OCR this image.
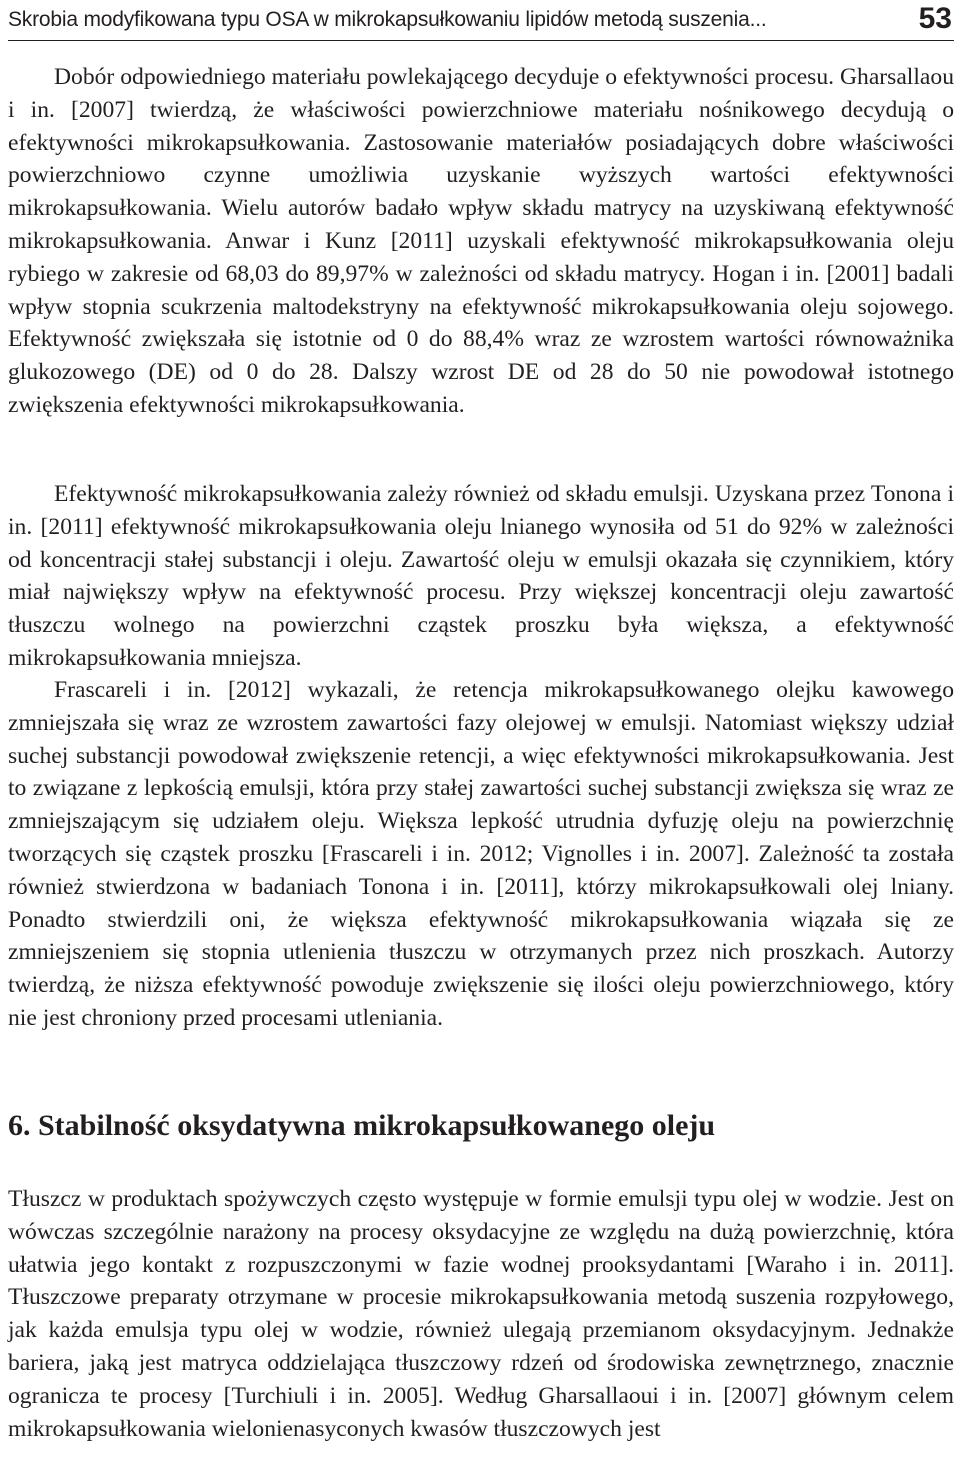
Skrobia modyfikowana typu OSA w mikrokapsułkowaniu lipidów metodą suszenia...	53

Dobór odpowiedniego materiału powlekającego decyduje o efektywności procesu. Gharsallaou i in. [2007] twierdzą, że właściwości powierzchniowe materiału nośnikowego decydują o efektywności mikrokapsułkowania. Zastosowanie materiałów posiadających dobre właściwości powierzchniowo czynne umożliwia uzyskanie wyższych wartości efektywności mikrokapsułkowania. Wielu autorów badało wpływ składu matrycy na uzyskiwaną efektywność mikrokapsułkowania. Anwar i Kunz [2011] uzyskali efektywność mikrokapsułkowania oleju rybiego w zakresie od 68,03 do 89,97% w zależności od składu matrycy. Hogan i in. [2001] badali wpływ stopnia scukrzenia maltodekstryny na efektywność mikrokapsułkowania oleju sojowego. Efektywność zwiększała się istotnie od 0 do 88,4% wraz ze wzrostem wartości równoważnika glukozowego (DE) od 0 do 28. Dalszy wzrost DE od 28 do 50 nie powodował istotnego zwiększenia efektywności mikrokapsułkowania.

Efektywność mikrokapsułkowania zależy również od składu emulsji. Uzyskana przez Tonona i in. [2011] efektywność mikrokapsułkowania oleju lnianego wynosiła od 51 do 92% w zależności od koncentracji stałej substancji i oleju. Zawartość oleju w emulsji okazała się czynnikiem, który miał największy wpływ na efektywność procesu. Przy większej koncentracji oleju zawartość tłuszczu wolnego na powierzchni cząstek proszku była większa, a efektywność mikrokapsułkowania mniejsza.

Frascareli i in. [2012] wykazali, że retencja mikrokapsułkowanego olejku kawowego zmniejszała się wraz ze wzrostem zawartości fazy olejowej w emulsji. Natomiast większy udział suchej substancji powodował zwiększenie retencji, a więc efektywności mikrokapsułkowania. Jest to związane z lepkością emulsji, która przy stałej zawartości suchej substancji zwiększa się wraz ze zmniejszającym się udziałem oleju. Większa lepkość utrudnia dyfuzję oleju na powierzchnię tworzących się cząstek proszku [Frascareli i in. 2012; Vignolles i in. 2007]. Zależność ta została również stwierdzona w badaniach Tonona i in. [2011], którzy mikrokapsułkowali olej lniany. Ponadto stwierdzili oni, że większa efektywność mikrokapsułkowania wiązała się ze zmniejszeniem się stopnia utlenienia tłuszczu w otrzymanych przez nich proszkach. Autorzy twierdzą, że niższa efektywność powoduje zwiększenie się ilości oleju powierzchniowego, który nie jest chroniony przed procesami utleniania.

6. Stabilność oksydatywna mikrokapsułkowanego oleju

Tłuszcz w produktach spożywczych często występuje w formie emulsji typu olej w wodzie. Jest on wówczas szczególnie narażony na procesy oksydacyjne ze względu na dużą powierzchnię, która ułatwia jego kontakt z rozpuszczonymi w fazie wodnej prooksydantami [Waraho i in. 2011]. Tłuszczowe preparaty otrzymane w procesie mikrokapsułkowania metodą suszenia rozpyłowego, jak każda emulsja typu olej w wodzie, również ulegają przemianom oksydacyjnym. Jednakże bariera, jaką jest matryca oddzielająca tłuszczowy rdzeń od środowiska zewnętrznego, znacznie ogranicza te procesy [Turchiuli i in. 2005]. Według Gharsallaoui i in. [2007] głównym celem mikrokapsułkowania wielonienasyconych kwasów tłuszczowych jest
